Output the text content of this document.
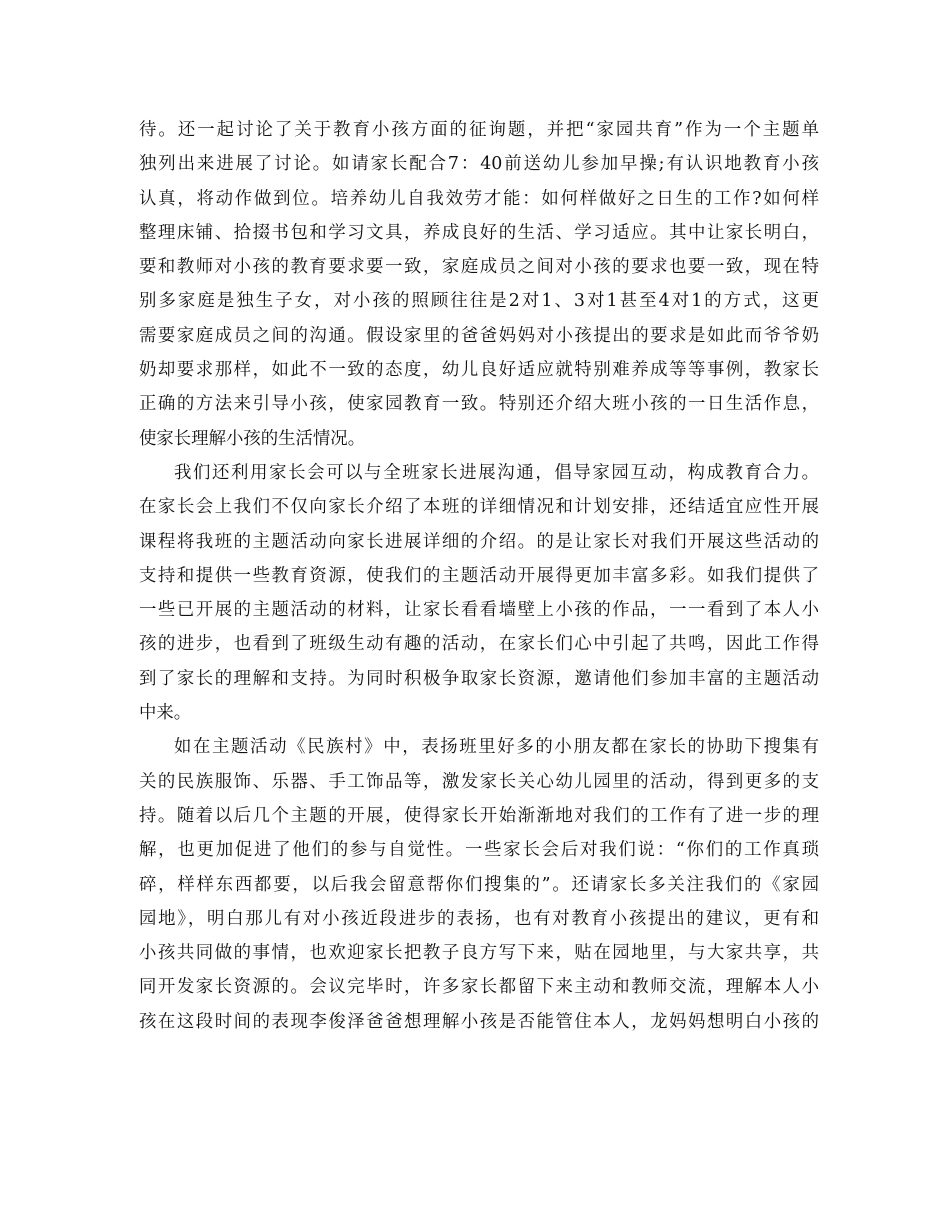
待。还一起讨论了关于教育小孩方面的征询题，并把“家园共育”作为一个主题单
独列出来进展了讨论。如请家长配合7：40前送幼儿参加早操;有认识地教育小孩
认真，将动作做到位。培养幼儿自我效劳才能：如何样做好之日生的工作?如何样
整理床铺、拾掇书包和学习文具，养成良好的生活、学习适应。其中让家长明白，
要和教师对小孩的教育要求要一致，家庭成员之间对小孩的要求也要一致，现在特
别多家庭是独生子女，对小孩的照顾往往是2对1、3对1甚至4对1的方式，这更
需要家庭成员之间的沟通。假设家里的爸爸妈妈对小孩提出的要求是如此而爷爷奶
奶却要求那样，如此不一致的态度，幼儿良好适应就特别难养成等等事例，教家长
正确的方法来引导小孩，使家园教育一致。特别还介绍大班小孩的一日生活作息，
使家长理解小孩的生活情况。
我们还利用家长会可以与全班家长进展沟通，倡导家园互动，构成教育合力。
在家长会上我们不仅向家长介绍了本班的详细情况和计划安排，还结适宜应性开展
课程将我班的主题活动向家长进展详细的介绍。的是让家长对我们开展这些活动的
支持和提供一些教育资源，使我们的主题活动开展得更加丰富多彩。如我们提供了
一些已开展的主题活动的材料，让家长看看墙壁上小孩的作品，一一看到了本人小
孩的进步，也看到了班级生动有趣的活动，在家长们心中引起了共鸣，因此工作得
到了家长的理解和支持。为同时积极争取家长资源，邀请他们参加丰富的主题活动
中来。
如在主题活动《民族村》中，表扬班里好多的小朋友都在家长的协助下搜集有
关的民族服饰、乐器、手工饰品等，激发家长关心幼儿园里的活动，得到更多的支
持。随着以后几个主题的开展，使得家长开始渐渐地对我们的工作有了进一步的理
解，也更加促进了他们的参与自觉性。一些家长会后对我们说：“你们的工作真琐
碎，样样东西都要，以后我会留意帮你们搜集的”。还请家长多关注我们的《家园
园地》，明白那儿有对小孩近段进步的表扬，也有对教育小孩提出的建议，更有和
小孩共同做的事情，也欢迎家长把教子良方写下来，贴在园地里，与大家共享，共
同开发家长资源的。会议完毕时，许多家长都留下来主动和教师交流，理解本人小
孩在这段时间的表现李俊泽爸爸想理解小孩是否能管住本人，龙妈妈想明白小孩的
